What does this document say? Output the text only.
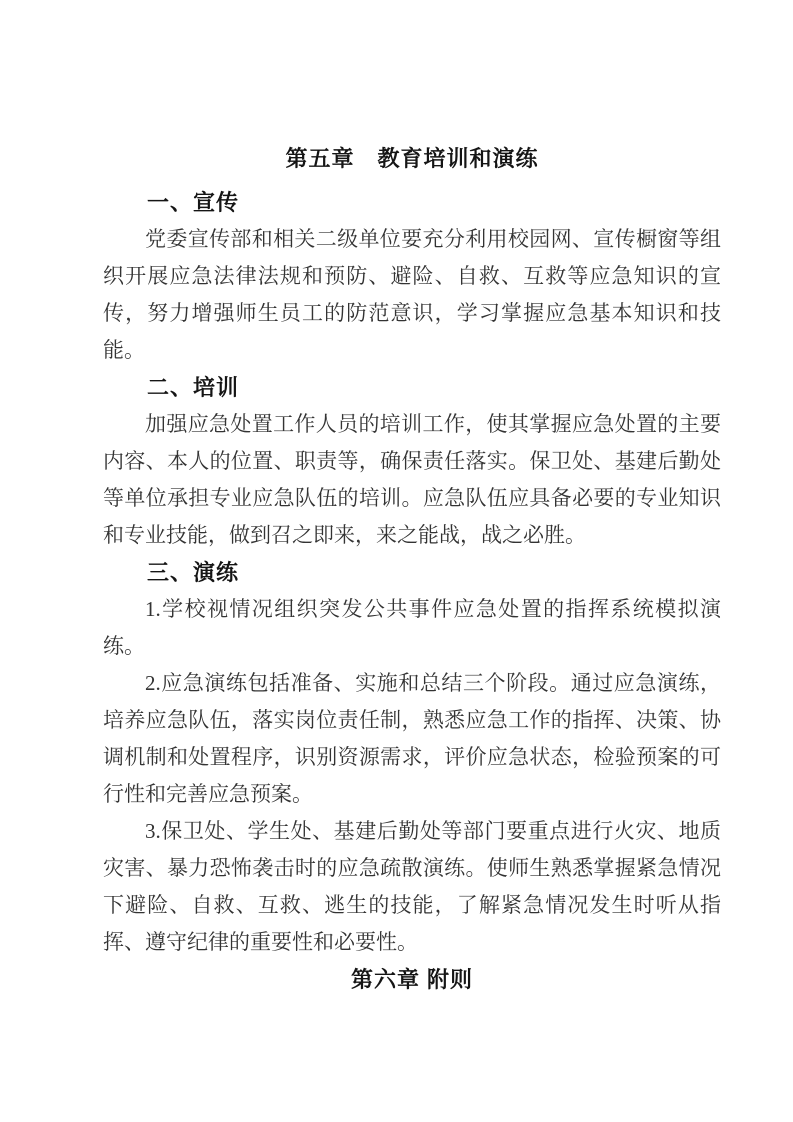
第五章　教育培训和演练
一、宣传

党委宣传部和相关二级单位要充分利用校园网、宣传橱窗等组织开展应急法律法规和预防、避险、自救、互救等应急知识的宣传，努力增强师生员工的防范意识，学习掌握应急基本知识和技能。

二、培训

加强应急处置工作人员的培训工作，使其掌握应急处置的主要内容、本人的位置、职责等，确保责任落实。保卫处、基建后勤处等单位承担专业应急队伍的培训。应急队伍应具备必要的专业知识和专业技能，做到召之即来，来之能战，战之必胜。

三、演练

1.学校视情况组织突发公共事件应急处置的指挥系统模拟演练。

2.应急演练包括准备、实施和总结三个阶段。通过应急演练，培养应急队伍，落实岗位责任制，熟悉应急工作的指挥、决策、协调机制和处置程序，识别资源需求，评价应急状态，检验预案的可行性和完善应急预案。

3.保卫处、学生处、基建后勤处等部门要重点进行火灾、地质灾害、暴力恐怖袭击时的应急疏散演练。使师生熟悉掌握紧急情况下避险、自救、互救、逃生的技能，了解紧急情况发生时听从指挥、遵守纪律的重要性和必要性。

第六章 附则
